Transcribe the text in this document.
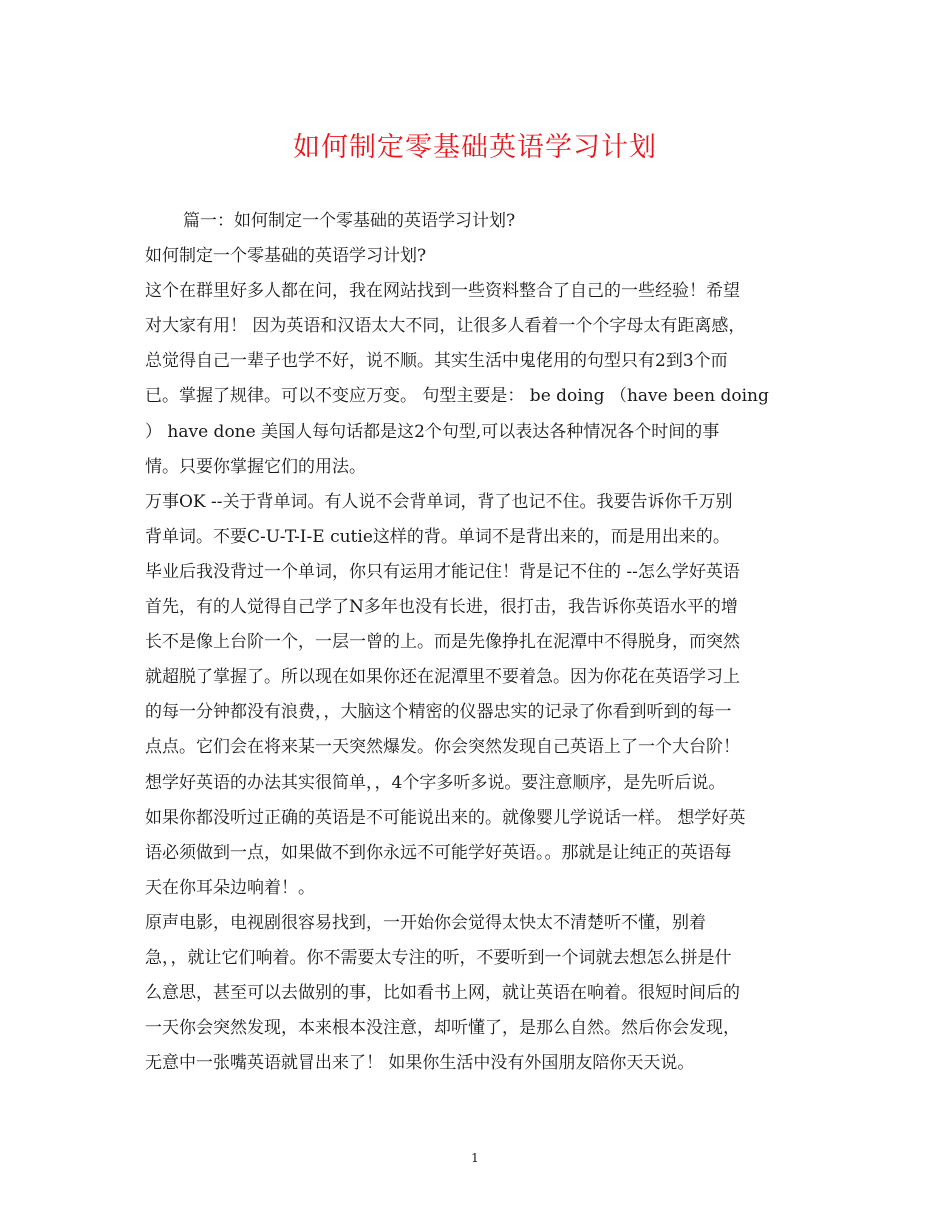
如何制定零基础英语学习计划
篇一：如何制定一个零基础的英语学习计划?
如何制定一个零基础的英语学习计划?
这个在群里好多人都在问，我在网站找到一些资料整合了自己的一些经验！希望
对大家有用！ 因为英语和汉语太大不同，让很多人看着一个个字母太有距离感，
总觉得自己一辈子也学不好，说不顺。其实生活中鬼佬用的句型只有2到3个而
已。掌握了规律。可以不变应万变。 句型主要是： be doing （have been doing
） have done 美国人每句话都是这2个句型,可以表达各种情况各个时间的事
情。只要你掌握它们的用法。
万事OK --关于背单词。有人说不会背单词，背了也记不住。我要告诉你千万别
背单词。不要C-U-T-I-E cutie这样的背。单词不是背出来的，而是用出来的。
毕业后我没背过一个单词，你只有运用才能记住！背是记不住的 --怎么学好英语
首先，有的人觉得自己学了N多年也没有长进，很打击，我告诉你英语水平的增
长不是像上台阶一个，一层一曾的上。而是先像挣扎在泥潭中不得脱身，而突然
就超脱了掌握了。所以现在如果你还在泥潭里不要着急。因为你花在英语学习上
的每一分钟都没有浪费，，大脑这个精密的仪器忠实的记录了你看到听到的每一
点点。它们会在将来某一天突然爆发。你会突然发现自己英语上了一个大台阶！
想学好英语的办法其实很简单，，4个字多听多说。要注意顺序，是先听后说。
如果你都没听过正确的英语是不可能说出来的。就像婴儿学说话一样。 想学好英
语必须做到一点，如果做不到你永远不可能学好英语。。那就是让纯正的英语每
天在你耳朵边响着！。
原声电影，电视剧很容易找到，一开始你会觉得太快太不清楚听不懂，别着
急，，就让它们响着。你不需要太专注的听，不要听到一个词就去想怎么拼是什
么意思，甚至可以去做别的事，比如看书上网，就让英语在响着。很短时间后的
一天你会突然发现，本来根本没注意，却听懂了，是那么自然。然后你会发现，
无意中一张嘴英语就冒出来了！ 如果你生活中没有外国朋友陪你天天说。
1
